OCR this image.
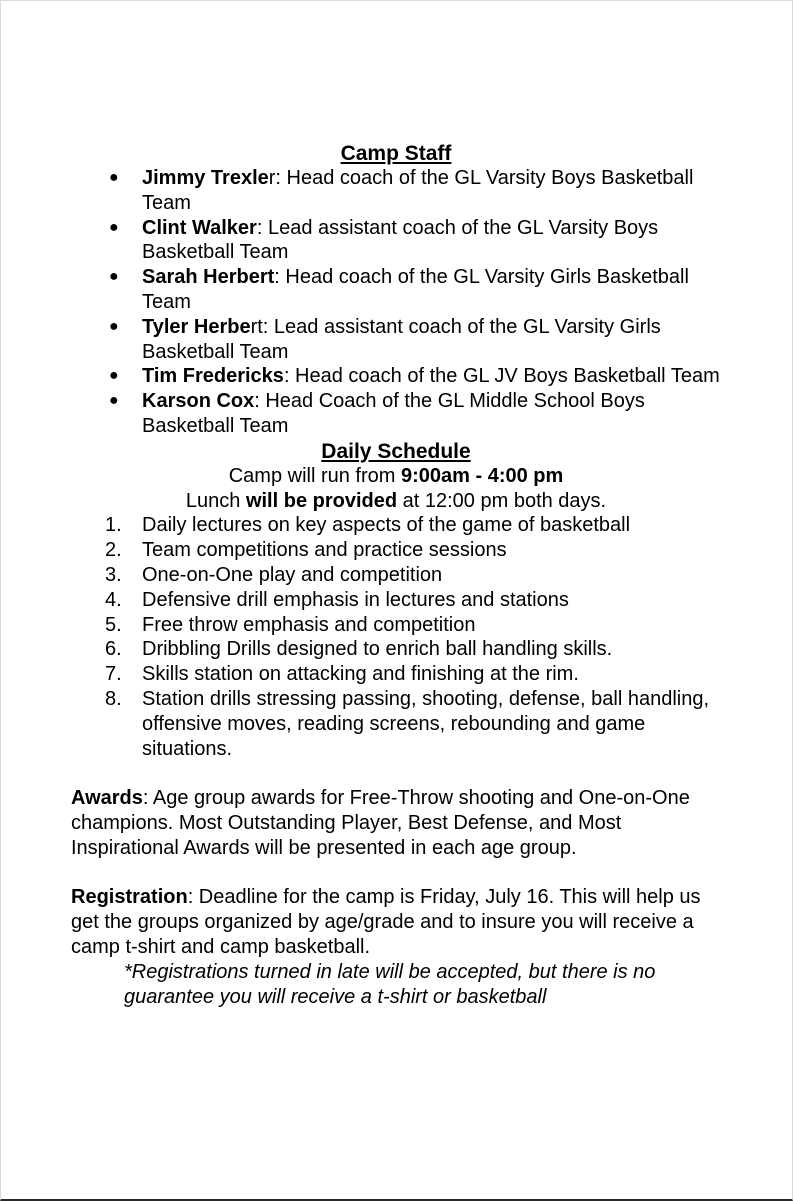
Camp Staff
● Jimmy Trexler: Head coach of the GL Varsity Boys Basketball Team
● Clint Walker: Lead assistant coach of the GL Varsity Boys Basketball Team
● Sarah Herbert: Head coach of the GL Varsity Girls Basketball Team
● Tyler Herbert: Lead assistant coach of the GL Varsity Girls Basketball Team
● Tim Fredericks: Head coach of the GL JV Boys Basketball Team
● Karson Cox: Head Coach of the GL Middle School Boys Basketball Team
Daily Schedule
Camp will run from 9:00am - 4:00 pm
Lunch will be provided at 12:00 pm both days.
1. Daily lectures on key aspects of the game of basketball
2. Team competitions and practice sessions
3. One-on-One play and competition
4. Defensive drill emphasis in lectures and stations
5. Free throw emphasis and competition
6. Dribbling Drills designed to enrich ball handling skills.
7. Skills station on attacking and finishing at the rim.
8. Station drills stressing passing, shooting, defense, ball handling, offensive moves, reading screens, rebounding and game situations.

Awards: Age group awards for Free-Throw shooting and One-on-One champions. Most Outstanding Player, Best Defense, and Most Inspirational Awards will be presented in each age group.

Registration: Deadline for the camp is Friday, July 16. This will help us get the groups organized by age/grade and to insure you will receive a camp t-shirt and camp basketball.

*Registrations turned in late will be accepted, but there is no guarantee you will receive a t-shirt or basketball
